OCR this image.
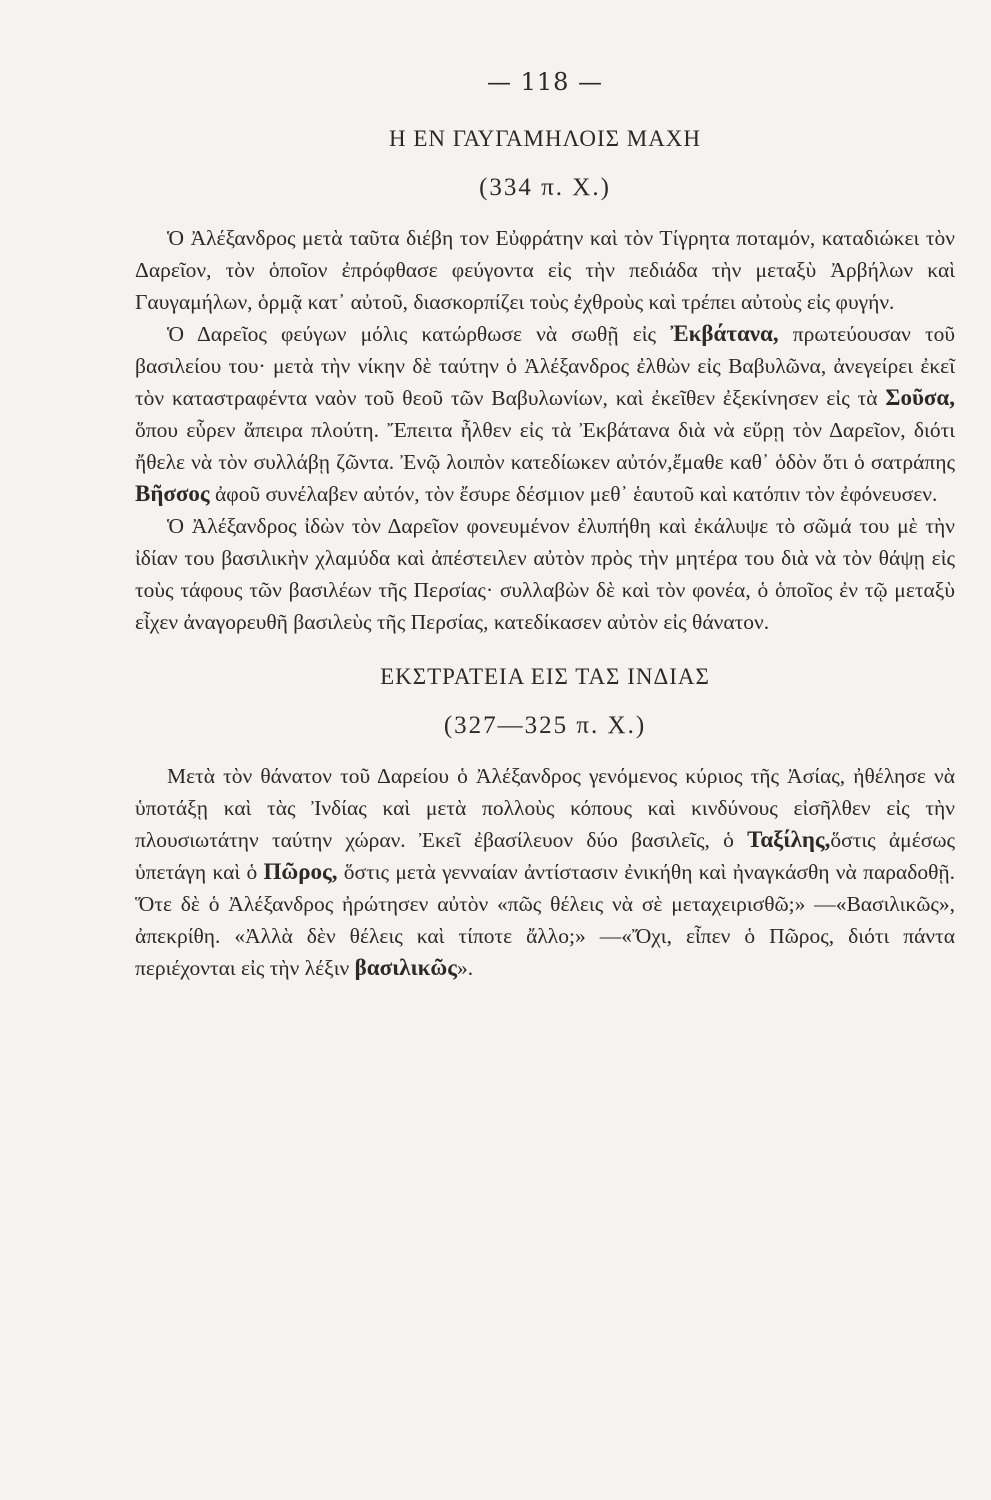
— 118 —
Η ΕΝ ΓΑΥΓΑΜΗΛΟΙΣ ΜΑΧΗ
(334 π. Χ.)

Ὁ Ἀλέξανδρος μετὰ ταῦτα διέβη τον Εὐφράτην καὶ τὸν Τίγρητα ποταμόν, καταδιώκει τὸν Δαρεῖον, τὸν ὁποῖον ἐπρόφθασε φεύγοντα εἰς τὴν πεδιάδα τὴν μεταξὺ Ἀρβήλων καὶ Γαυγαμήλων, ὁρμᾷ κατ᾽ αὐτοῦ, διασκορπίζει τοὺς ἐχθροὺς καὶ τρέπει αὐτοὺς εἰς φυγήν.

Ὁ Δαρεῖος φεύγων μόλις κατώρθωσε νὰ σωθῇ εἰς Ἐκβάτανα, πρωτεύουσαν τοῦ βασιλείου του· μετὰ τὴν νίκην δὲ ταύτην ὁ Ἀλέξανδρος ἐλθὼν εἰς Βαβυλῶνα, ἀνεγείρει ἐκεῖ τὸν καταστραφέντα ναὸν τοῦ θεοῦ τῶν Βαβυλωνίων, καὶ ἐκεῖθεν ἐξεκίνησεν εἰς τὰ Σοῦσα, ὅπου εὗρεν ἄπειρα πλούτη. Ἔπειτα ἦλθεν εἰς τὰ Ἐκβάτανα διὰ νὰ εὕρῃ τὸν Δαρεῖον, διότι ἤθελε νὰ τὸν συλλάβῃ ζῶντα. Ἐνῷ λοιπὸν κατεδίωκεν αὐτόν,ἔμαθε καθ᾽ ὁδὸν ὅτι ὁ σατράπης Βῆσσος ἀφοῦ συνέλαβεν αὐτόν, τὸν ἔσυρε δέσμιον μεθ᾽ ἑαυτοῦ καὶ κατόπιν τὸν ἐφόνευσεν.

Ὁ Ἀλέξανδρος ἰδὼν τὸν Δαρεῖον φονευμένον ἐλυπήθη καὶ ἐκάλυψε τὸ σῶμά του μὲ τὴν ἰδίαν του βασιλικὴν χλαμύδα καὶ ἀπέστειλεν αὐτὸν πρὸς τὴν μητέρα του διὰ νὰ τὸν θάψῃ εἰς τοὺς τάφους τῶν βασιλέων τῆς Περσίας· συλλαβὼν δὲ καὶ τὸν φονέα, ὁ ὁποῖος ἐν τῷ μεταξὺ εἶχεν ἀναγορευθῆ βασιλεὺς τῆς Περσίας, κατεδίκασεν αὐτὸν εἰς θάνατον.

ΕΚΣΤΡΑΤΕΙΑ ΕΙΣ ΤΑΣ ΙΝΔΙΑΣ
(327—325 π. Χ.)

Μετὰ τὸν θάνατον τοῦ Δαρείου ὁ Ἀλέξανδρος γενόμενος κύριος τῆς Ἀσίας, ἠθέλησε νὰ ὑποτάξῃ καὶ τὰς Ἰνδίας καὶ μετὰ πολλοὺς κόπους καὶ κινδύνους εἰσῆλθεν εἰς τὴν πλουσιωτάτην ταύτην χώραν. Ἐκεῖ ἐβασίλευον δύο βασιλεῖς, ὁ Ταξίλης,ὅστις ἀμέσως ὑπετάγη καὶ ὁ Πῶρος, ὅστις μετὰ γενναίαν ἀντίστασιν ἐνικήθη καὶ ἠναγκάσθη νὰ παραδοθῇ. Ὅτε δὲ ὁ Ἀλέξανδρος ἠρώτησεν αὐτὸν «πῶς θέλεις νὰ σὲ μεταχειρισθῶ;» —«Βασιλικῶς», ἀπεκρίθη. «Ἀλλὰ δὲν θέλεις καὶ τίποτε ἄλλο;» —«Ὄχι, εἶπεν ὁ Πῶρος, διότι πάντα περιέχονται εἰς τὴν λέξιν βασιλικῶς».
